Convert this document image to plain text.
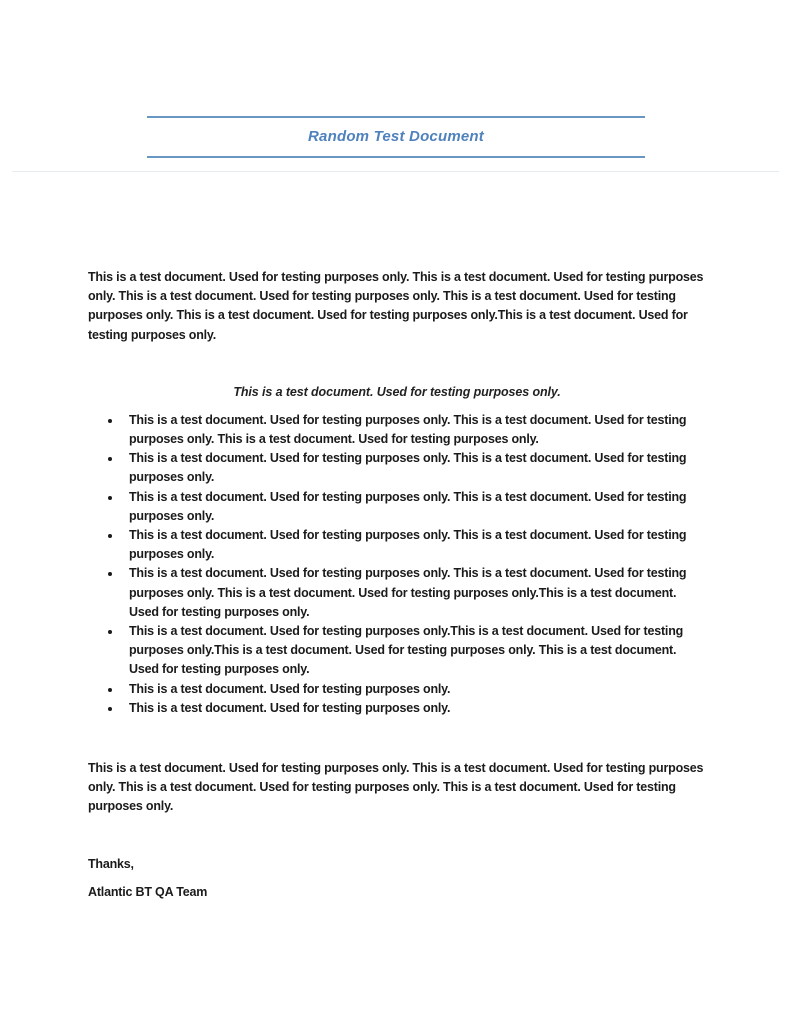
Random Test Document

This is a test document. Used for testing purposes only. This is a test document. Used for testing purposes only. This is a test document. Used for testing purposes only. This is a test document. Used for testing purposes only. This is a test document. Used for testing purposes only.This is a test document. Used for testing purposes only.

This is a test document. Used for testing purposes only.

• This is a test document. Used for testing purposes only. This is a test document. Used for testing purposes only. This is a test document. Used for testing purposes only.
• This is a test document. Used for testing purposes only. This is a test document. Used for testing purposes only.
• This is a test document. Used for testing purposes only. This is a test document. Used for testing purposes only.
• This is a test document. Used for testing purposes only. This is a test document. Used for testing purposes only.
• This is a test document. Used for testing purposes only. This is a test document. Used for testing purposes only. This is a test document. Used for testing purposes only.This is a test document. Used for testing purposes only.
• This is a test document. Used for testing purposes only.This is a test document. Used for testing purposes only.This is a test document. Used for testing purposes only. This is a test document. Used for testing purposes only.
• This is a test document. Used for testing purposes only.
• This is a test document. Used for testing purposes only.

This is a test document. Used for testing purposes only. This is a test document. Used for testing purposes only. This is a test document. Used for testing purposes only. This is a test document. Used for testing purposes only.

Thanks,

Atlantic BT QA Team
